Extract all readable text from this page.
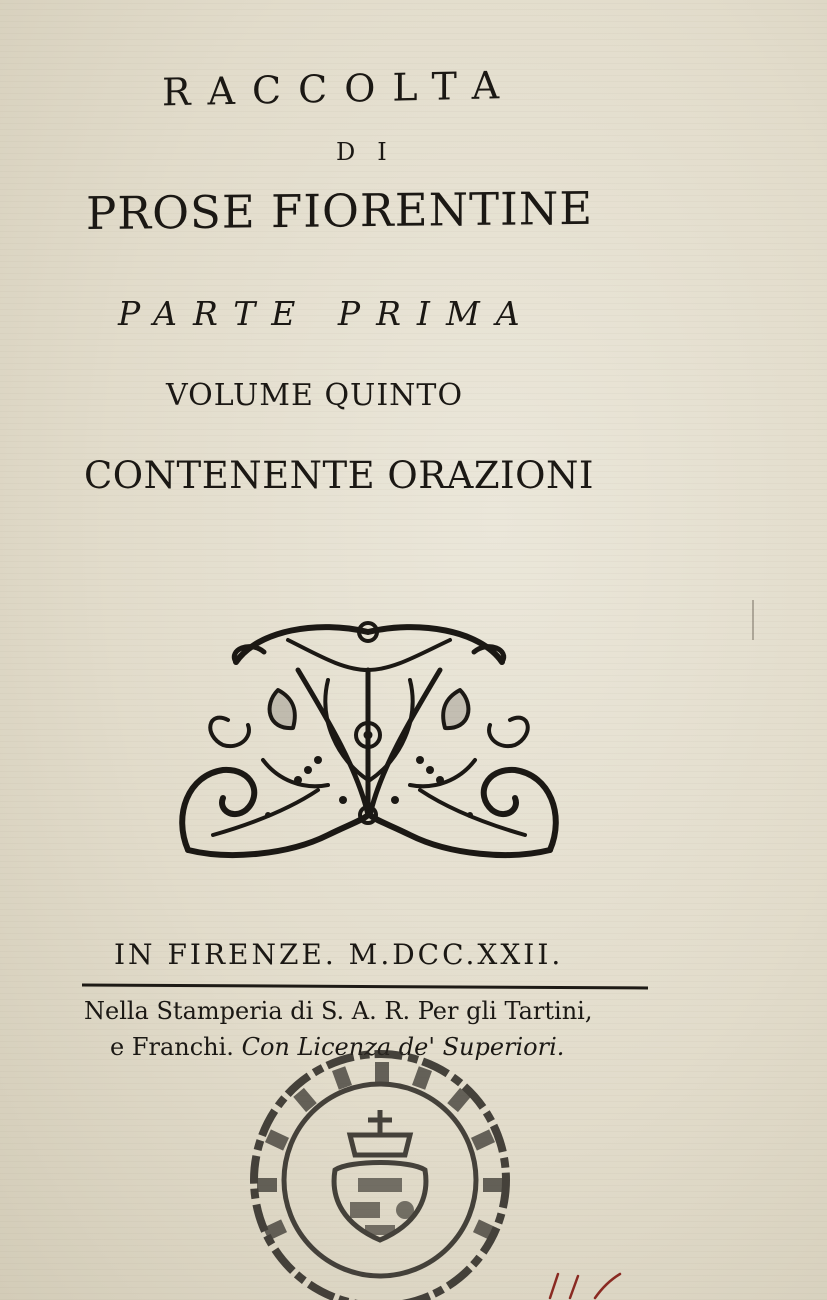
RACCOLTA
DI
PROSE FIORENTINE
PARTE PRIMA
VOLUME QUINTO
CONTENENTE ORAZIONI
IN FIRENZE. M.DCC.XXII.
Nella Stamperia di S. A. R. Per gli Tartini,
e Franchi. Con Licenza de' Superiori.
